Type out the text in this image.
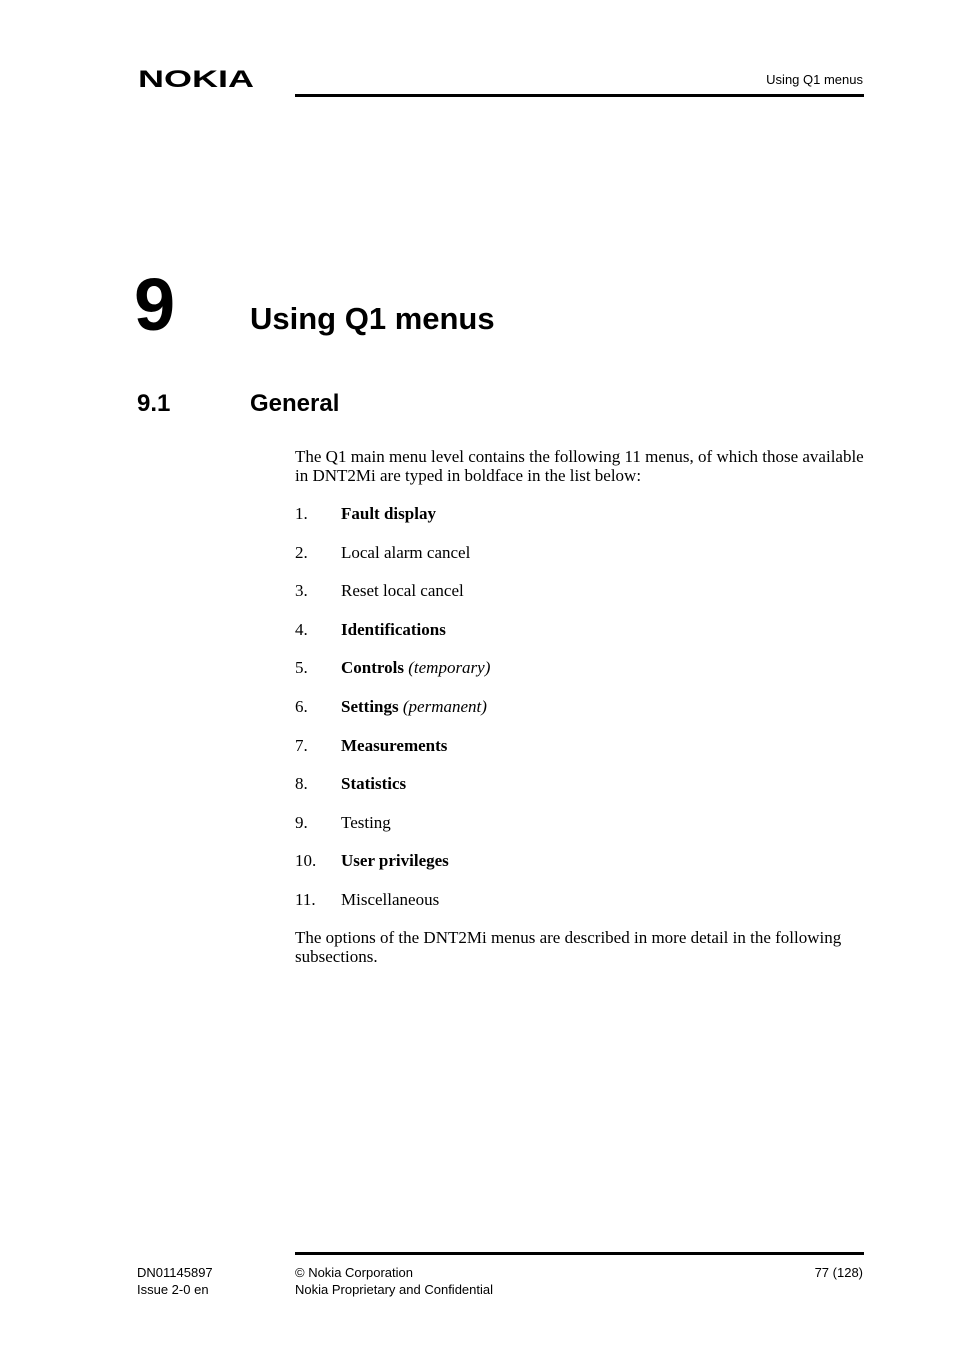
NOKIA	Using Q1 menus
9 Using Q1 menus
9.1	General

The Q1 main menu level contains the following 11 menus, of which those available in DNT2Mi are typed in boldface in the list below:

1. Fault display
2. Local alarm cancel
3. Reset local cancel
4. Identifications
5. Controls (temporary)
6. Settings (permanent)
7. Measurements
8. Statistics
9. Testing
10. User privileges
11. Miscellaneous

The options of the DNT2Mi menus are described in more detail in the following subsections.

DN01145897
Issue 2-0 en
© Nokia Corporation
Nokia Proprietary and Confidential
77 (128)
